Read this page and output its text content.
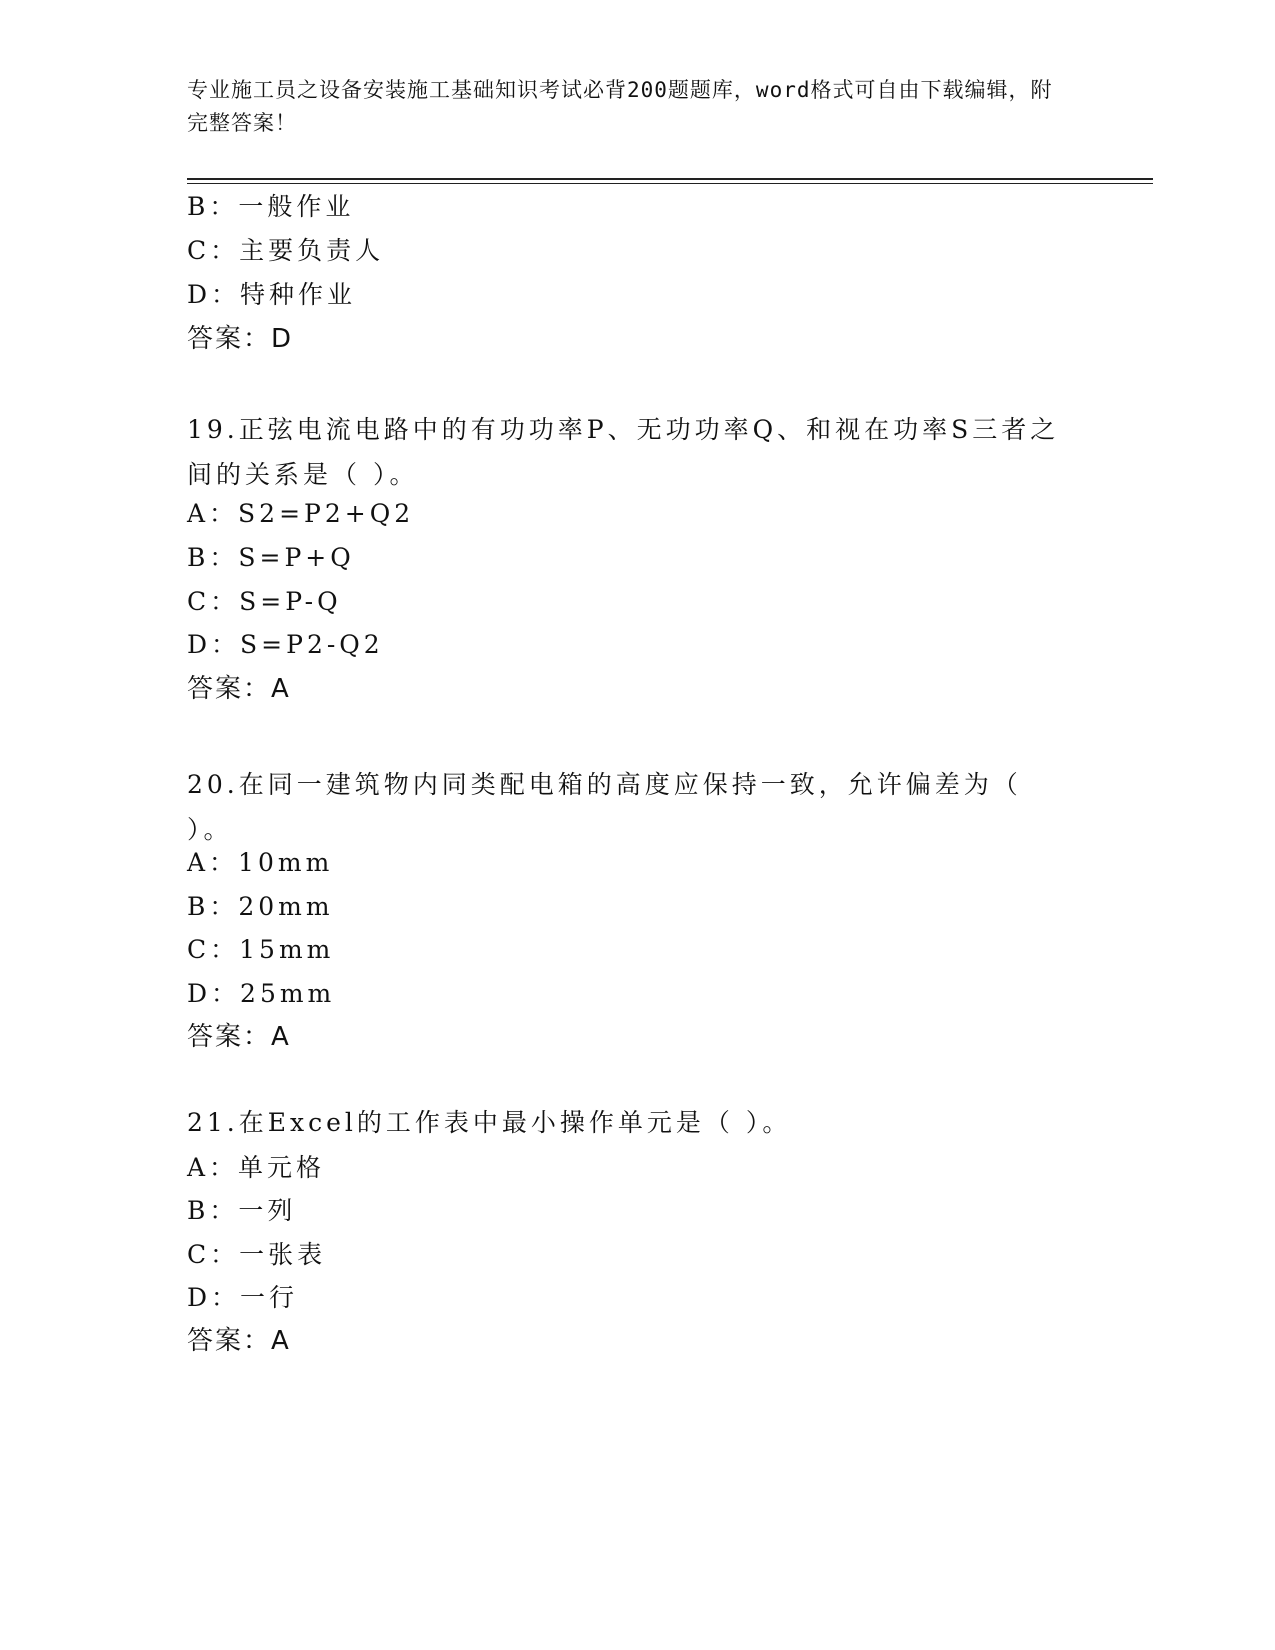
专业施工员之设备安装施工基础知识考试必背200题题库，word格式可自由下载编辑，附完整答案！
B：一般作业
C：主要负责人
D：特种作业
答案：D
19.正弦电流电路中的有功功率P、无功功率Q、和视在功率S三者之间的关系是（ ）。
A：S2=P2+Q2
B：S=P+Q
C：S=P-Q
D：S=P2-Q2
答案：A
20.在同一建筑物内同类配电箱的高度应保持一致，允许偏差为（ ）。
A：10mm
B：20mm
C：15mm
D：25mm
答案：A
21.在Excel的工作表中最小操作单元是（ ）。
A：单元格
B：一列
C：一张表
D：一行
答案：A
